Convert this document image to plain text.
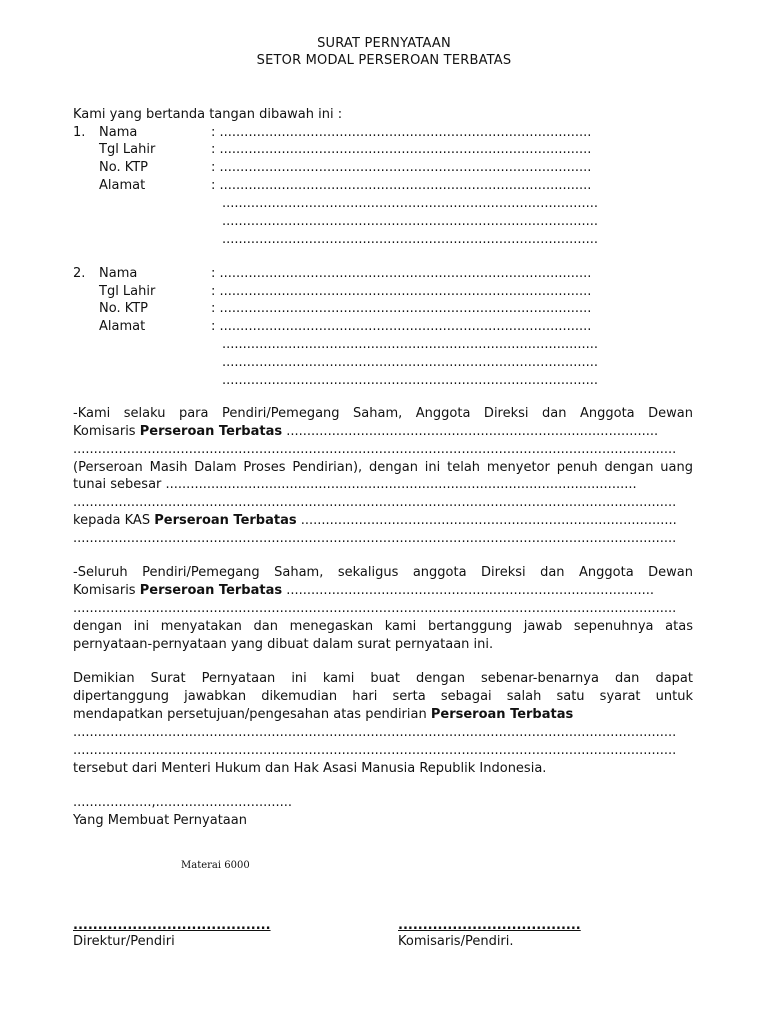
SURAT PERNYATAAN
SETOR MODAL PERSEROAN TERBATAS
Kami yang bertanda tangan dibawah ini :
1. Nama
Tgl Lahir
No. KTP
Alamat
: ..........................................................................................
: ..........................................................................................
: ..........................................................................................
: ..........................................................................................
...........................................................................................
...........................................................................................
...........................................................................................
2. Nama
Tgl Lahir
No. KTP
Alamat
: ..........................................................................................
: ..........................................................................................
: ..........................................................................................
: ..........................................................................................
...........................................................................................
...........................................................................................
...........................................................................................
-Kami selaku para Pendiri/Pemegang Saham, Anggota Direksi dan Anggota Dewan
Komisaris Perseroan Terbatas ..........................................................................................
..................................................................................................................................................
(Perseroan Masih Dalam Proses Pendirian), dengan ini telah menyetor penuh dengan uang
tunai sebesar ..................................................................................................................
..................................................................................................................................................
kepada KAS Perseroan Terbatas ...........................................................................................
..................................................................................................................................................
-Seluruh Pendiri/Pemegang Saham, sekaligus anggota Direksi dan Anggota Dewan
Komisaris Perseroan Terbatas .........................................................................................
..................................................................................................................................................
dengan ini menyatakan dan menegaskan kami bertanggung jawab sepenuhnya atas
pernyataan-pernyataan yang dibuat dalam surat pernyataan ini.
Demikian Surat Pernyataan ini kami buat dengan sebenar-benarnya dan dapat
dipertanggung jawabkan dikemudian hari serta sebagai salah satu syarat untuk
mendapatkan persetujuan/pengesahan atas pendirian Perseroan Terbatas
..................................................................................................................................................
..................................................................................................................................................
tersebut dari Menteri Hukum dan Hak Asasi Manusia Republik Indonesia.
...................,.................................
Yang Membuat Pernyataan
Materai 6000
........................................
Direktur/Pendiri
.....................................
Komisaris/Pendiri.
